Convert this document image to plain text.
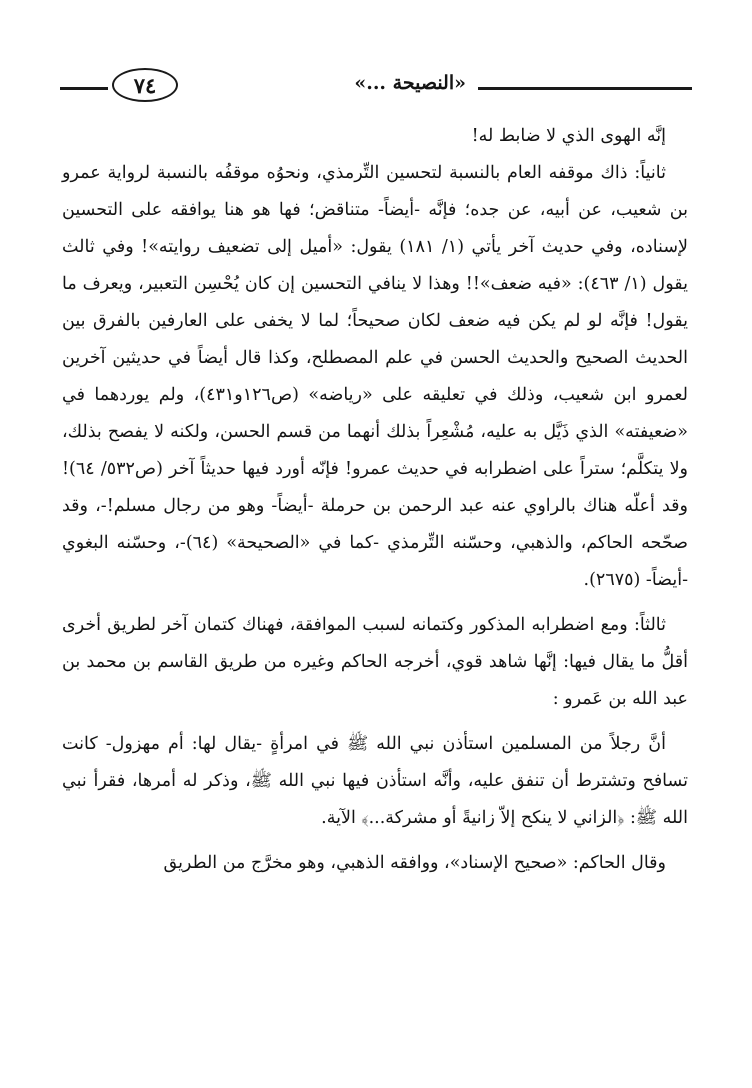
«النصيحة ...»
٧٤

إنَّه الهوى الذي لا ضابط له!

ثانياً: ذاك موقفه العام بالنسبة لتحسين التِّرمذي، ونحوُه موقفُه بالنسبة لرواية عمرو بن شعيب، عن أبيه، عن جده؛ فإنَّه -أيضاً- متناقض؛ فها هو هنا يوافقه على التحسين لإسناده، وفي حديث آخر يأتي (١/ ١٨١) يقول: «أميل إلى تضعيف روايته»! وفي ثالث يقول (١/ ٤٦٣): «فيه ضعف»!! وهذا لا ينافي التحسين إن كان يُحْسِن التعبير، ويعرف ما يقول! فإنَّه لو لم يكن فيه ضعف لكان صحيحاً؛ لما لا يخفى على العارفين بالفرق بين الحديث الصحيح والحديث الحسن في علم المصطلح، وكذا قال أيضاً في حديثين آخرين لعمرو ابن شعيب، وذلك في تعليقه على «رياضه» (ص١٢٦و٤٣١)، ولم يوردهما في «ضعيفته» الذي ذَيَّل به عليه، مُشْعِراً بذلك أنهما من قسم الحسن، ولكنه لا يفصح بذلك، ولا يتكلَّم؛ ستراً على اضطرابه في حديث عمرو! فإنّه أورد فيها حديثاً آخر (ص٥٣٢/ ٦٤)! وقد أعلّه هناك بالراوي عنه عبد الرحمن بن حرملة -أيضاً- وهو من رجال مسلم!-، وقد صحّحه الحاكم، والذهبي، وحسّنه التِّرمذي -كما في «الصحيحة» (٦٤)-، وحسّنه البغوي -أيضاً- (٢٦٧٥).

ثالثاً: ومع اضطرابه المذكور وكتمانه لسبب الموافقة، فهناك كتمان آخر لطريق أخرى أقلُّ ما يقال فيها: إنَّها شاهد قوي، أخرجه الحاكم وغيره من طريق القاسم بن محمد بن عبد الله بن عَمرو :

أنَّ رجلاً من المسلمين استأذن نبي الله ﷺ في امرأةٍ -يقال لها: أم مهزول- كانت تسافح وتشترط أن تنفق عليه، وأنَّه استأذن فيها نبي الله ﷺ، وذكر له أمرها، فقرأ نبي الله ﷺ: ﴿الزاني لا ينكح إلاّ زانيةً أو مشركة...﴾ الآية.

وقال الحاكم: «صحيح الإسناد»، ووافقه الذهبي، وهو مخرَّج من الطريق
